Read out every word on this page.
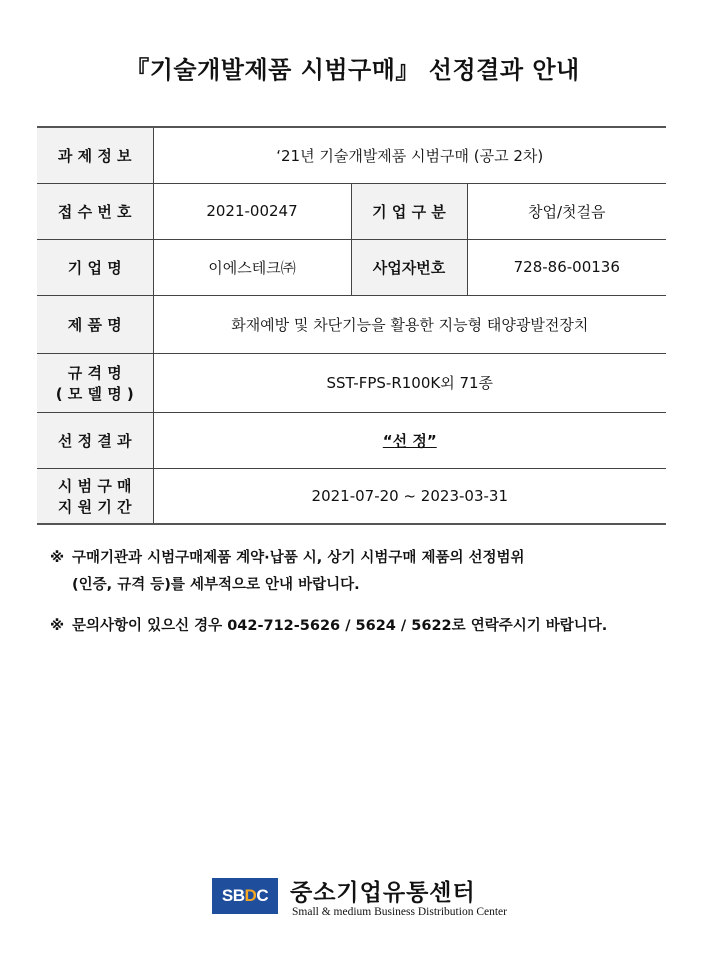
『기술개발제품 시범구매』 선정결과 안내
과 제 정 보	‘21년 기술개발제품 시범구매 (공고 2차)		
접 수 번 호	2021-00247	기 업 구 분	창업/첫걸음
기 업 명	이에스테크㈜	사업자번호	728-86-00136
제 품 명	화재예방 및 차단기능을 활용한 지능형 태양광발전장치		

규 격 명
( 모 델 명 )	SST-FPS-R100K외 71종		
선 정 결 과	“선 정”		

시 범 구 매
지 원 기 간	2021-07-20 ~ 2023-03-31		
※ 구매기관과 시범구매제품 계약·납품 시, 상기 시범구매 제품의 선정범위
(인증, 규격 등)를 세부적으로 안내 바랍니다.
※ 문의사항이 있으신 경우 042-712-5626 / 5624 / 5622로 연락주시기 바랍니다.
SBDC 중소기업유통센터
Small & medium Business Distribution Center
